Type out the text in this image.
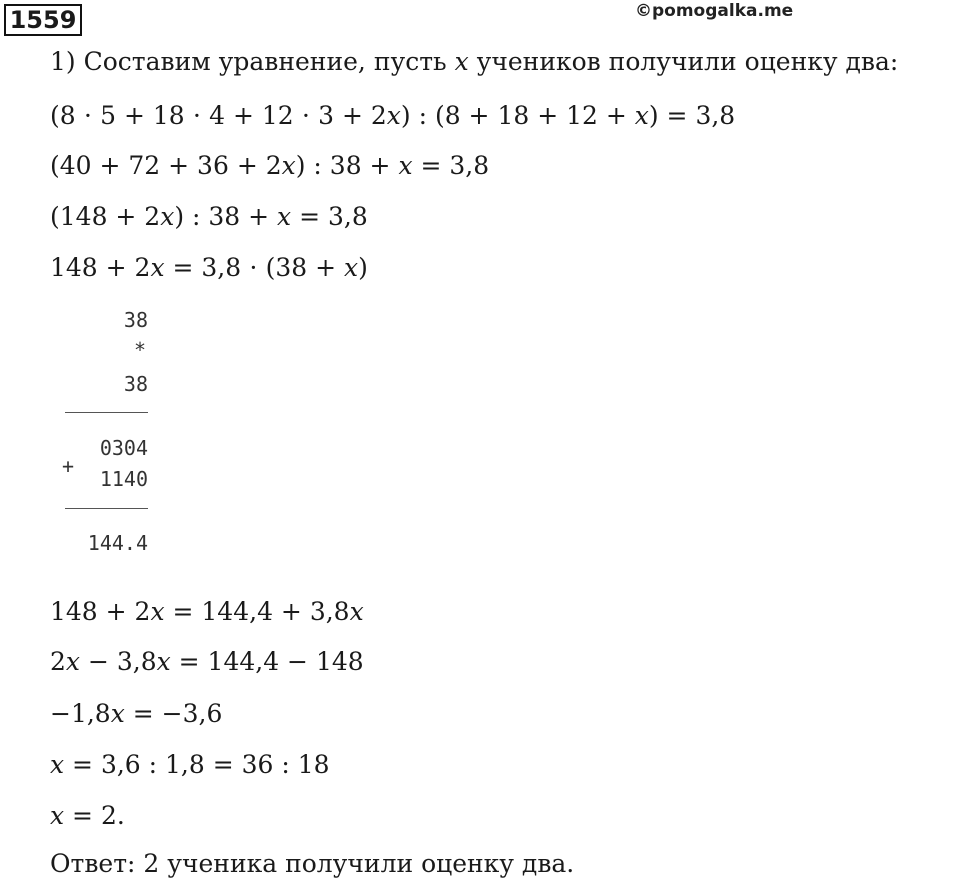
1559	©pomogalka.me
1) Составим уравнение, пусть 𝑥 учеников получили оценку два:
(8 ⋅ 5 + 18 ⋅ 4 + 12 ⋅ 3 + 2𝑥) : (8 + 18 + 12 + 𝑥) = 3,8
(40 + 72 + 36 + 2𝑥) : 38 + 𝑥 = 3,8
(148 + 2𝑥) : 38 + 𝑥 = 3,8
148 + 2𝑥 = 3,8 ⋅ (38 + 𝑥)
38
*
38
0304
+
1140
144.4
148 + 2𝑥 = 144,4 + 3,8𝑥
2𝑥 − 3,8𝑥 = 144,4 − 148
−1,8𝑥 = −3,6
𝑥 = 3,6 : 1,8 = 36 : 18
𝑥 = 2.
Ответ: 2 ученика получили оценку два.
